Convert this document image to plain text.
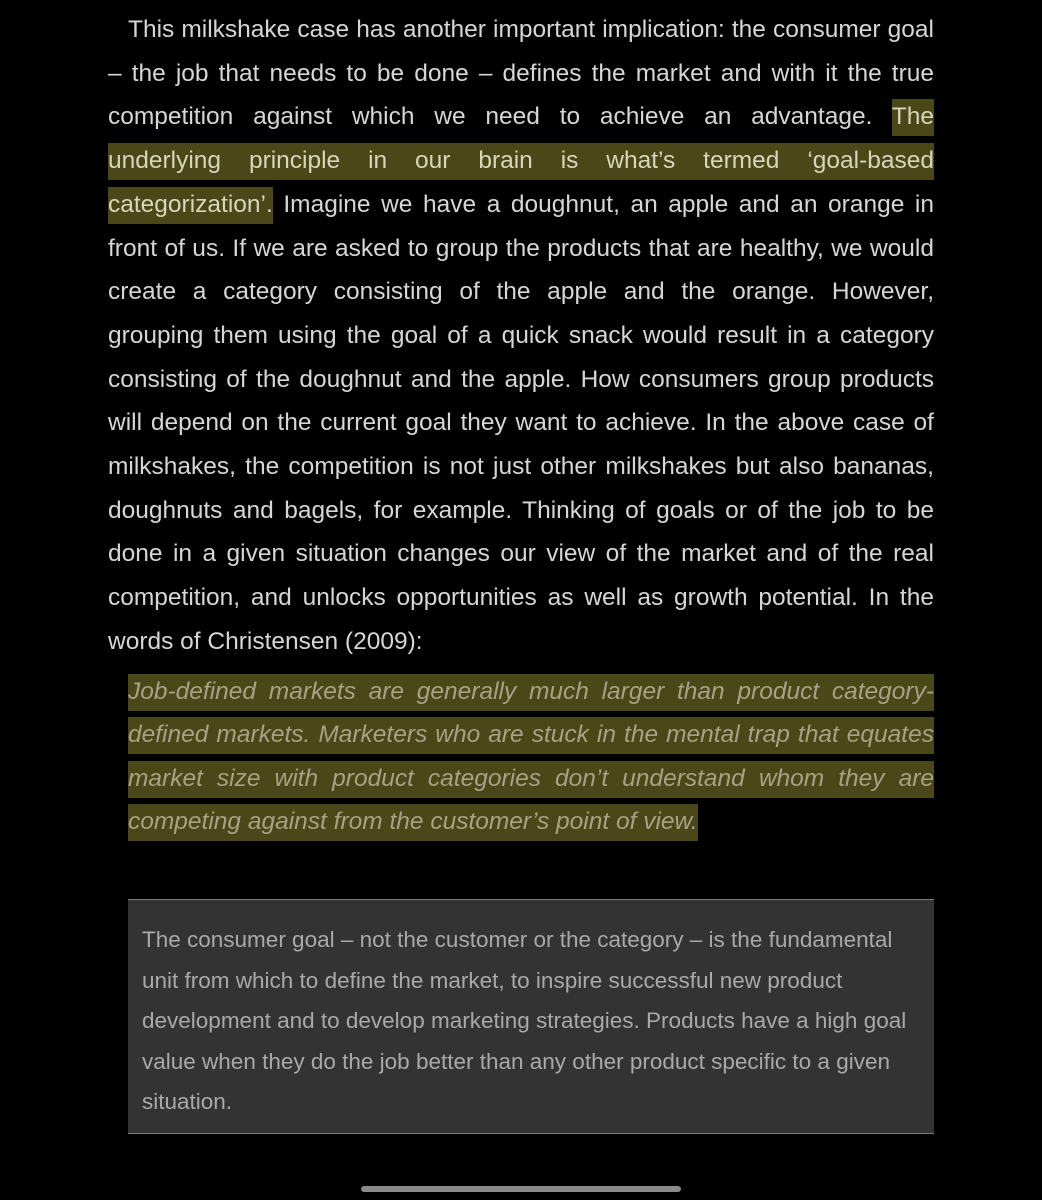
This milkshake case has another important implication: the consumer goal – the job that needs to be done – defines the market and with it the true competition against which we need to achieve an advantage. The underlying principle in our brain is what’s termed ‘goal-based categorization’. Imagine we have a doughnut, an apple and an orange in front of us. If we are asked to group the products that are healthy, we would create a category consisting of the apple and the orange. However, grouping them using the goal of a quick snack would result in a category consisting of the doughnut and the apple. How consumers group products will depend on the current goal they want to achieve. In the above case of milkshakes, the competition is not just other milkshakes but also bananas, doughnuts and bagels, for example. Thinking of goals or of the job to be done in a given situation changes our view of the market and of the real competition, and unlocks opportunities as well as growth potential. In the words of Christensen (2009):

Job-defined markets are generally much larger than product category-defined markets. Marketers who are stuck in the mental trap that equates market size with product categories don’t understand whom they are competing against from the customer’s point of view.

The consumer goal – not the customer or the category – is the fundamental unit from which to define the market, to inspire successful new product development and to develop marketing strategies. Products have a high goal value when they do the job better than any other product specific to a given situation.
